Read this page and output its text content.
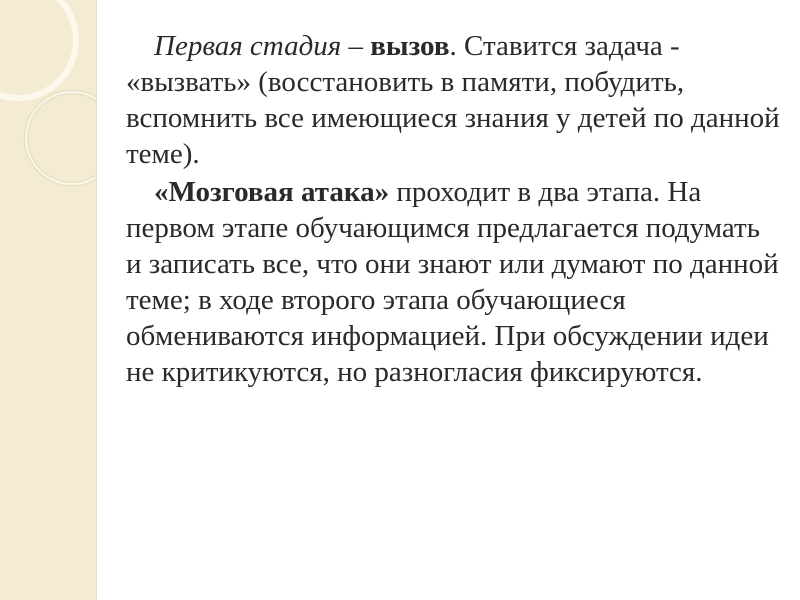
Первая стадия – вызов. Ставится задача - «вызвать» (восстановить в памяти, побудить, вспомнить все имеющиеся знания у детей по данной теме).

«Мозговая атака» проходит в два этапа. На первом этапе обучающимся предлагается подумать и записать все, что они знают или думают по данной теме; в ходе второго этапа обучающиеся обмениваются информацией. При обсуждении идеи не критикуются, но разногласия фиксируются.
